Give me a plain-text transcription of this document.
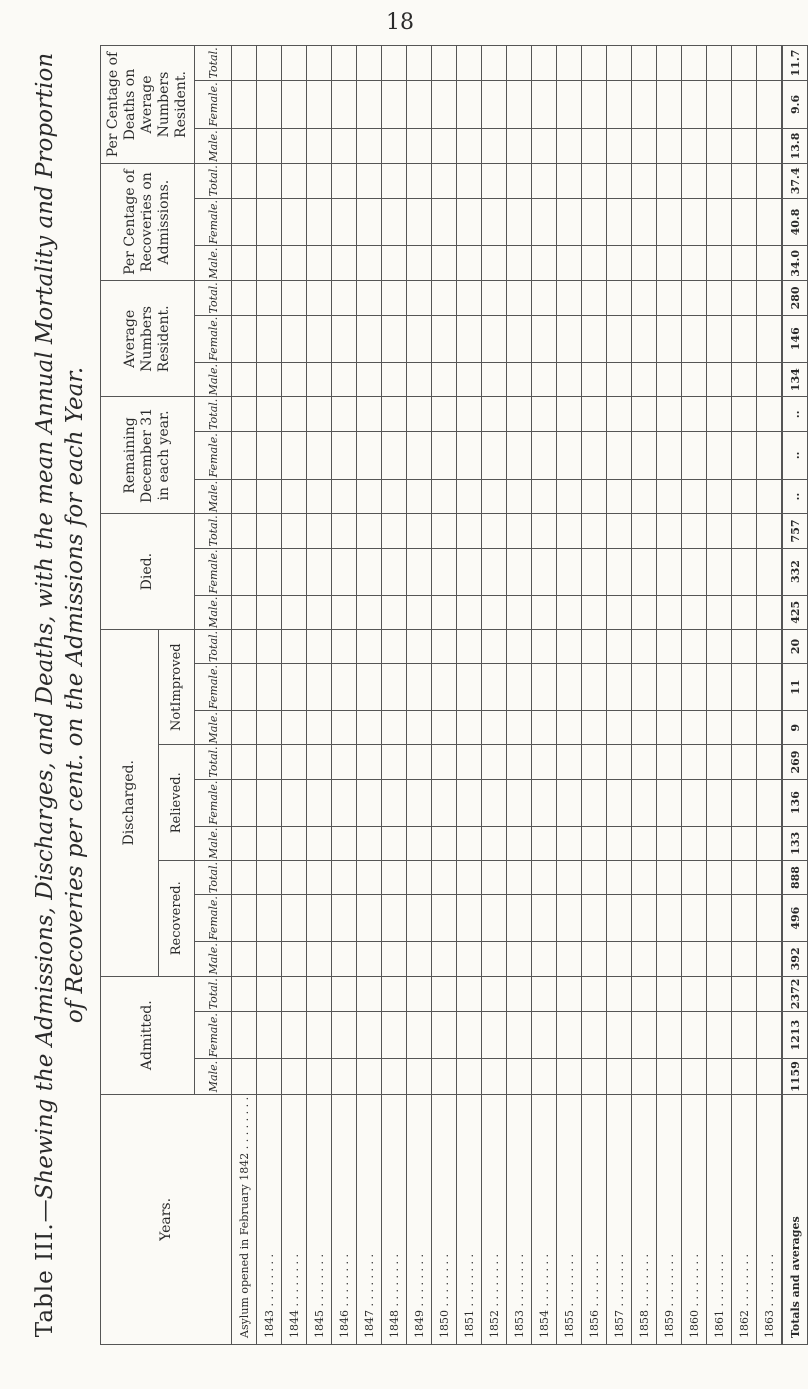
18
Table III.—Shewing the Admissions, Discharges, and Deaths, with the mean Annual Mortality and Proportion of Recoveries per cent. on the Admissions for each Year.
Years.	Admitted.			Discharged.									Died.			Remaining December 31 in each year.			Average Numbers Resident.			Per Centage of Recoveries on Admissions.			Per Centage of Deaths on Average Numbers Resident.		
				Recovered.			Relieved.			NotImproved																	
	Male.	Female.	Total.	Male.	Female.	Total.	Male.	Female.	Total.	Male.	Female.	Total.	Male.	Female.	Total.	Male.	Female.	Total.	Male.	Female.	Total.	Male.	Female.	Total.	Male.	Female.	Total.
Asylum opened in February 1842 . . . . . . . .																											
1843 . . . . . . . .																											
1844 . . . . . . . .																											
1845 . . . . . . . .																											
1846 . . . . . . . .																											
1847 . . . . . . . .																											
1848 . . . . . . . .																											
1849 . . . . . . . .																											
1850 . . . . . . . .																											
1851 . . . . . . . .																											
1852 . . . . . . . .																											
1853 . . . . . . . .																											
1854 . . . . . . . .																											
1855 . . . . . . . .																											
1856 . . . . . . . .																											
1857 . . . . . . . .																											
1858 . . . . . . . .																											
1859 . . . . . . . .																											
1860 . . . . . . . .																											
1861 . . . . . . . .																											
1862 . . . . . . . .																											
1863 . . . . . . . .																											
Totals and averages	1159	1213	2372	392	496	888	133	136	269	9	11	20	425	332	757	..	..	..	134	146	280	34.0	40.8	37.4	13.8	9.6	11.7
